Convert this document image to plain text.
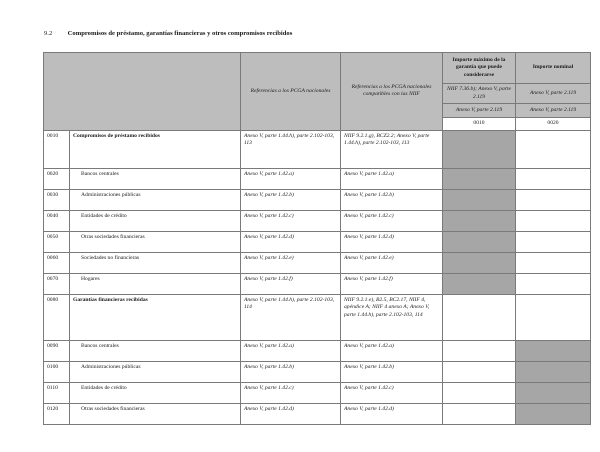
9.2 Compromisos de préstamo, garantías financieras y otros compromisos recibidos
		Referencias a los PCGA nacionales	Referencias a los PCGA nacionales compatibles con las NIIF	Importe máximo de la garantía que puede considerarse	Importe nominal
				NIIF 7.36.b); Anexo V, parte 2.119	Anexo V, parte 2.119
				Anexo V, parte 2.119	Anexo V, parte 2.119
				0010	0020
0010	Compromisos de préstamo recibidos	Anexo V, parte 1.44.h), parte 2.102-103, 113	NIIF 9.2.1.g), BCZ2.2; Anexo V, parte 1.44.h), parte 2.102-103, 113		
0020	Bancos centrales	Anexo V, parte 1.42.a)	Anexo V, parte 1.42.a)		
0030	Administraciones públicas	Anexo V, parte 1.42.b)	Anexo V, parte 1.42.b)		
0040	Entidades de crédito	Anexo V, parte 1.42.c)	Anexo V, parte 1.42.c)		
0050	Otras sociedades financieras	Anexo V, parte 1.42.d)	Anexo V, parte 1.42.d)		
0060	Sociedades no financieras	Anexo V, parte 1.42.e)	Anexo V, parte 1.42.e)		
0070	Hogares	Anexo V, parte 1.42.f)	Anexo V, parte 1.42.f)		
0080	Garantías financieras recibidas	Anexo V, parte 1.44.h), parte 2.102-103, 114	NIIF 9.2.1.e), B2.5, BC2.17, NIIF 4, apéndice A; NIIF 4 anexo A; Anexo V, parte 1.44.h), parte 2.102-103, 114		
0090	Bancos centrales	Anexo V, parte 1.42.a)	Anexo V, parte 1.42.a)		
0100	Administraciones públicas	Anexo V, parte 1.42.b)	Anexo V, parte 1.42.b)		
0110	Entidades de crédito	Anexo V, parte 1.42.c)	Anexo V, parte 1.42.c)		
0120	Otras sociedades financieras	Anexo V, parte 1.42.d)	Anexo V, parte 1.42.d)		
